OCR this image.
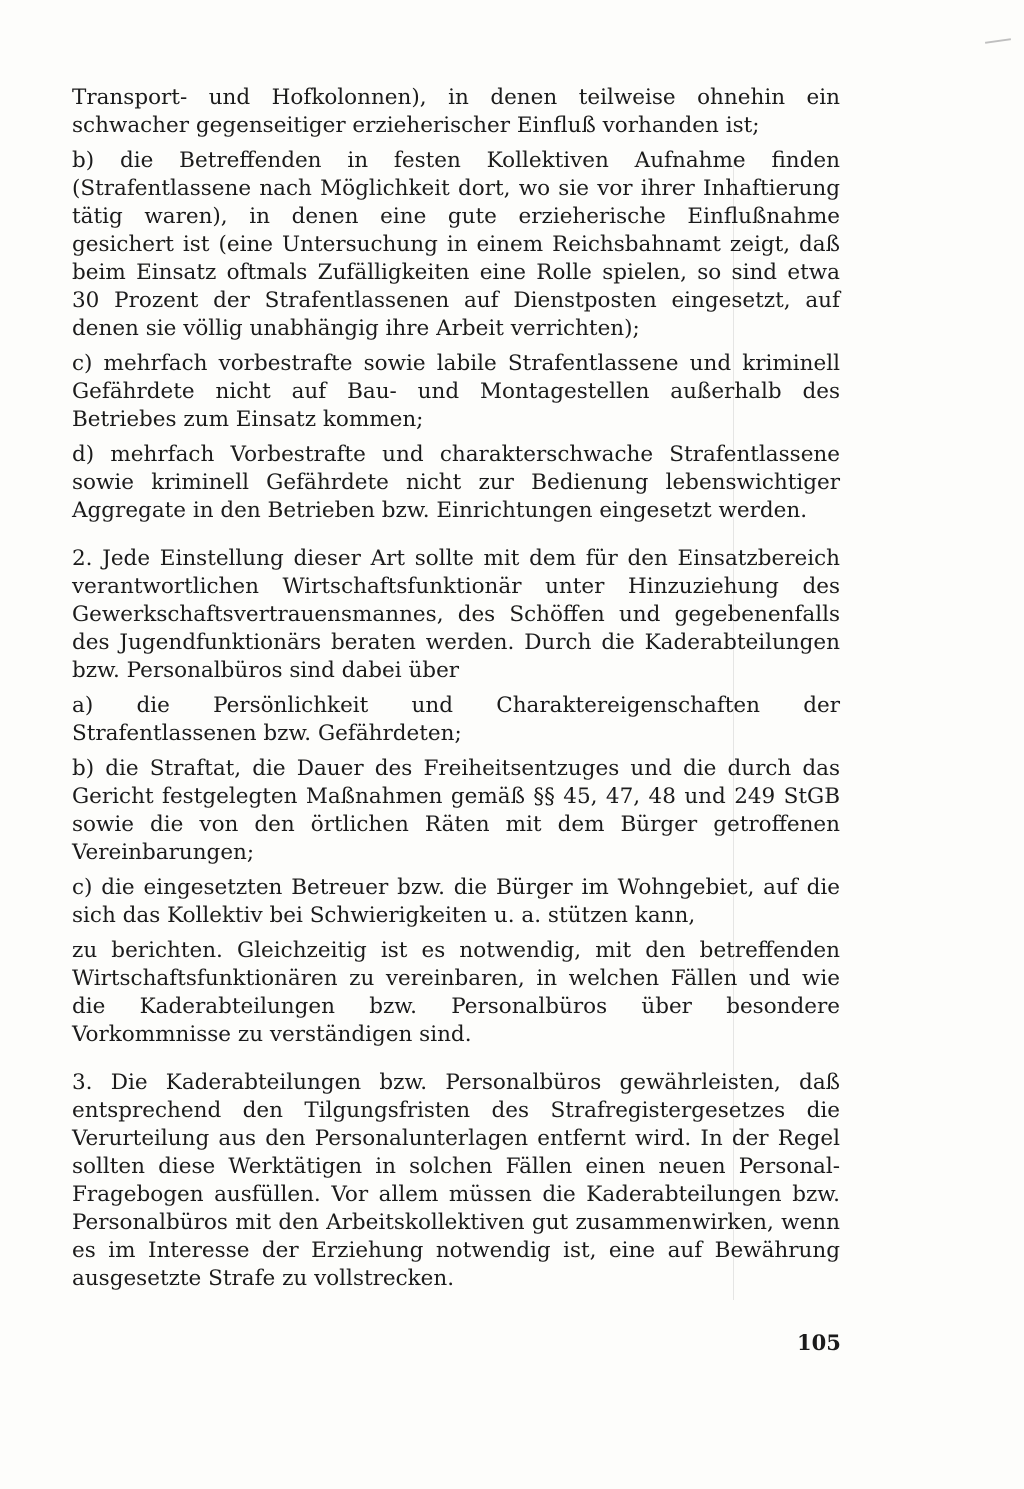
Transport- und Hofkolonnen), in denen teilweise ohnehin ein schwacher gegenseitiger erzieherischer Einfluß vorhanden ist;

b) die Betreffenden in festen Kollektiven Aufnahme finden (Strafentlassene nach Möglichkeit dort, wo sie vor ihrer Inhaftierung tätig waren), in denen eine gute erzieherische Einflußnahme gesichert ist (eine Untersuchung in einem Reichsbahnamt zeigt, daß beim Einsatz oftmals Zufälligkeiten eine Rolle spielen, so sind etwa 30 Prozent der Strafentlassenen auf Dienstposten eingesetzt, auf denen sie völlig unabhängig ihre Arbeit verrichten);

c) mehrfach vorbestrafte sowie labile Strafentlassene und kriminell Gefährdete nicht auf Bau- und Montagestellen außerhalb des Betriebes zum Einsatz kommen;

d) mehrfach Vorbestrafte und charakterschwache Strafentlassene sowie kriminell Gefährdete nicht zur Bedienung lebenswichtiger Aggregate in den Betrieben bzw. Einrichtungen eingesetzt werden.

2. Jede Einstellung dieser Art sollte mit dem für den Einsatzbereich verantwortlichen Wirtschaftsfunktionär unter Hinzuziehung des Gewerkschaftsvertrauensmannes, des Schöffen und gegebenenfalls des Jugendfunktionärs beraten werden. Durch die Kaderabteilungen bzw. Personalbüros sind dabei über

a) die Persönlichkeit und Charaktereigenschaften der Strafentlassenen bzw. Gefährdeten;

b) die Straftat, die Dauer des Freiheitsentzuges und die durch das Gericht festgelegten Maßnahmen gemäß §§ 45, 47, 48 und 249 StGB sowie die von den örtlichen Räten mit dem Bürger getroffenen Vereinbarungen;

c) die eingesetzten Betreuer bzw. die Bürger im Wohngebiet, auf die sich das Kollektiv bei Schwierigkeiten u. a. stützen kann,

zu berichten. Gleichzeitig ist es notwendig, mit den betreffenden Wirtschaftsfunktionären zu vereinbaren, in welchen Fällen und wie die Kaderabteilungen bzw. Personalbüros über besondere Vorkommnisse zu verständigen sind.

3. Die Kaderabteilungen bzw. Personalbüros gewährleisten, daß entsprechend den Tilgungsfristen des Strafregistergesetzes die Verurteilung aus den Personalunterlagen entfernt wird. In der Regel sollten diese Werktätigen in solchen Fällen einen neuen Personal-Fragebogen ausfüllen. Vor allem müssen die Kaderabteilungen bzw. Personalbüros mit den Arbeitskollektiven gut zusammenwirken, wenn es im Interesse der Erziehung notwendig ist, eine auf Bewährung ausgesetzte Strafe zu vollstrecken.

105
